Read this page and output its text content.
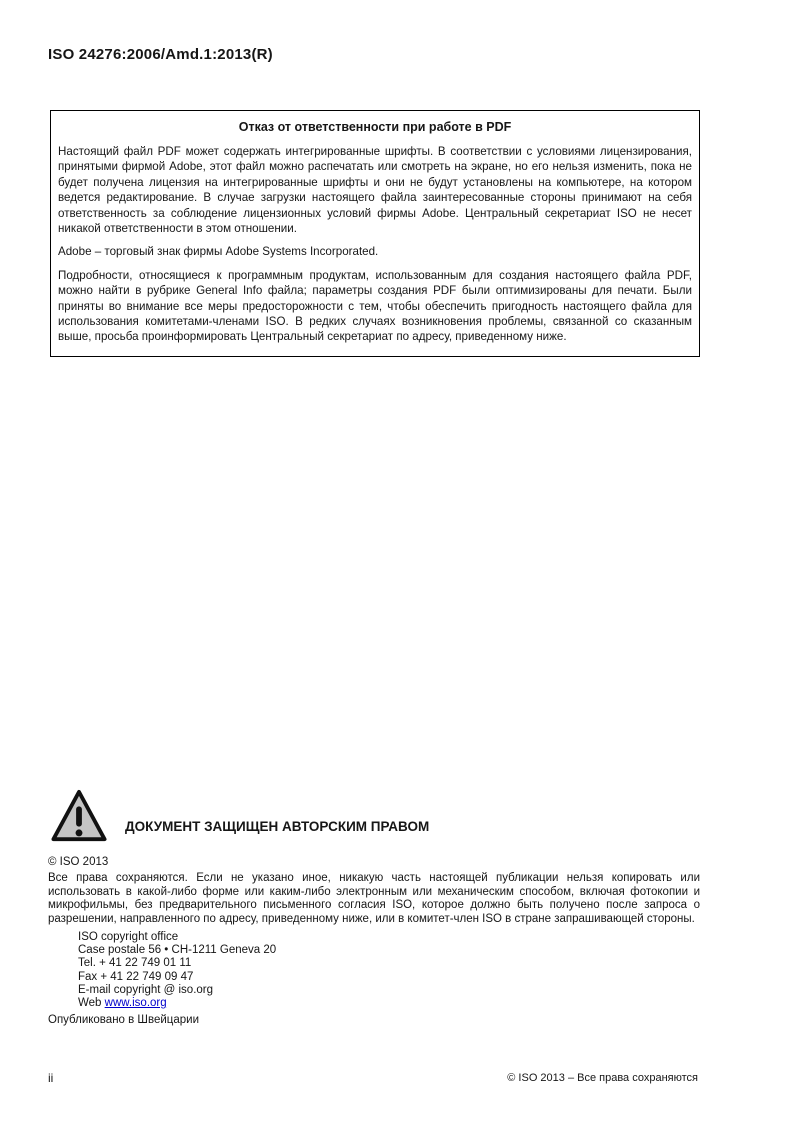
ISO 24276:2006/Amd.1:2013(R)
Отказ от ответственности при работе в PDF

Настоящий файл PDF может содержать интегрированные шрифты. В соответствии с условиями лицензирования, принятыми фирмой Adobe, этот файл можно распечатать или смотреть на экране, но его нельзя изменить, пока не будет получена лицензия на интегрированные шрифты и они не будут установлены на компьютере, на котором ведется редактирование. В случае загрузки настоящего файла заинтересованные стороны принимают на себя ответственность за соблюдение лицензионных условий фирмы Adobe. Центральный секретариат ISO не несет никакой ответственности в этом отношении.

Adobe – торговый знак фирмы Adobe Systems Incorporated.

Подробности, относящиеся к программным продуктам, использованным для создания настоящего файла PDF, можно найти в рубрике General Info файла; параметры создания PDF были оптимизированы для печати. Были приняты во внимание все меры предосторожности с тем, чтобы обеспечить пригодность настоящего файла для использования комитетами-членами ISO. В редких случаях возникновения проблемы, связанной со сказанным выше, просьба проинформировать Центральный секретариат по адресу, приведенному ниже.

ДОКУМЕНТ ЗАЩИЩЕН АВТОРСКИМ ПРАВОМ
© ISO 2013
Все права сохраняются. Если не указано иное, никакую часть настоящей публикации нельзя копировать или использовать в какой-либо форме или каким-либо электронным или механическим способом, включая фотокопии и микрофильмы, без предварительного письменного согласия ISO, которое должно быть получено после запроса о разрешении, направленного по адресу, приведенному ниже, или в комитет-член ISO в стране запрашивающей стороны.
ISO copyright office
Case postale 56 • CH-1211 Geneva 20
Tel. + 41 22 749 01 11
Fax + 41 22 749 09 47
E-mail copyright @ iso.org
Web www.iso.org
Опубликовано в Швейцарии
ii	© ISO 2013 – Все права сохраняются
